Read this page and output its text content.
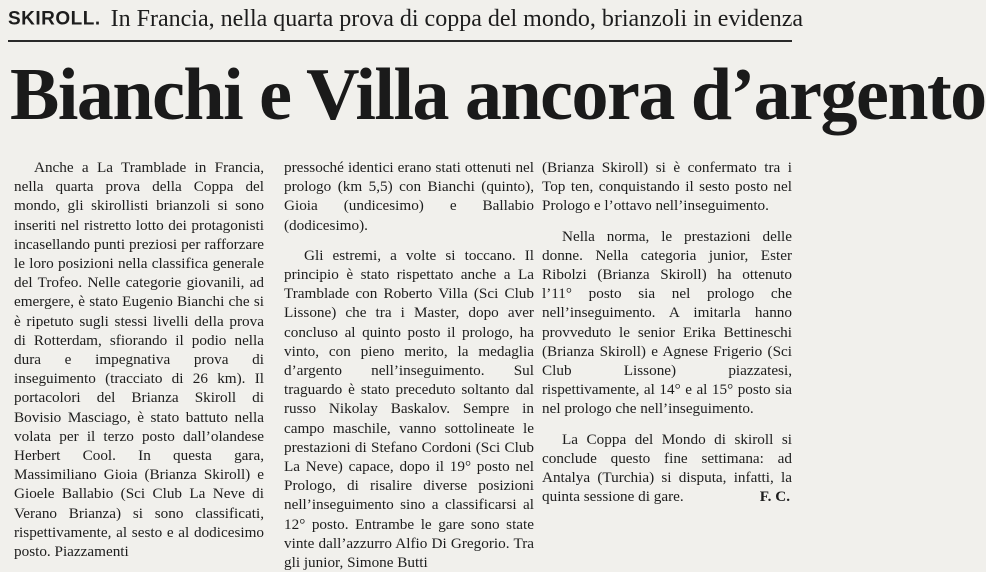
SKIROLL. In Francia, nella quarta prova di coppa del mondo, brianzoli in evidenza
Bianchi e Villa ancora d’argento

Anche a La Tramblade in Francia, nella quarta prova della Coppa del mondo, gli skirollisti brianzoli si sono inseriti nel ristretto lotto dei protagonisti incasellando punti preziosi per rafforzare le loro posizioni nella classifica generale del Trofeo. Nelle categorie giovanili, ad emergere, è stato Eugenio Bianchi che si è ripetuto sugli stessi livelli della prova di Rotterdam, sfiorando il podio nella dura e impegnativa prova di inseguimento (tracciato di 26 km). Il portacolori del Brianza Skiroll di Bovisio Masciago, è stato battuto nella volata per il terzo posto dall’olandese Herbert Cool. In questa gara, Massimiliano Gioia (Brianza Skiroll) e Gioele Ballabio (Sci Club La Neve di Verano Brianza) si sono classificati, rispettivamente, al sesto e al dodicesimo posto. Piazzamenti

pressoché identici erano stati ottenuti nel prologo (km 5,5) con Bianchi (quinto), Gioia (undicesimo) e Ballabio (dodicesimo).

Gli estremi, a volte si toccano. Il principio è stato rispettato anche a La Tramblade con Roberto Villa (Sci Club Lissone) che tra i Master, dopo aver concluso al quinto posto il prologo, ha vinto, con pieno merito, la medaglia d’argento nell’inseguimento. Sul traguardo è stato preceduto soltanto dal russo Nikolay Baskalov. Sempre in campo maschile, vanno sottolineate le prestazioni di Stefano Cordoni (Sci Club La Neve) capace, dopo il 19° posto nel Prologo, di risalire diverse posizioni nell’inseguimento sino a classificarsi al 12° posto. Entrambe le gare sono state vinte dall’azzurro Alfio Di Gregorio. Tra gli junior, Simone Butti

(Brianza Skiroll) si è confermato tra i Top ten, conquistando il sesto posto nel Prologo e l’ottavo nell’inseguimento.

Nella norma, le prestazioni delle donne. Nella categoria junior, Ester Ribolzi (Brianza Skiroll) ha ottenuto l’11° posto sia nel prologo che nell’inseguimento. A imitarla hanno provveduto le senior Erika Bettineschi (Brianza Skiroll) e Agnese Frigerio (Sci Club Lissone) piazzatesi, rispettivamente, al 14° e al 15° posto sia nel prologo che nell’inseguimento.

La Coppa del Mondo di skiroll si conclude questo fine settimana: ad Antalya (Turchia) si disputa, infatti, la quinta sessione di gare.	F. C.
